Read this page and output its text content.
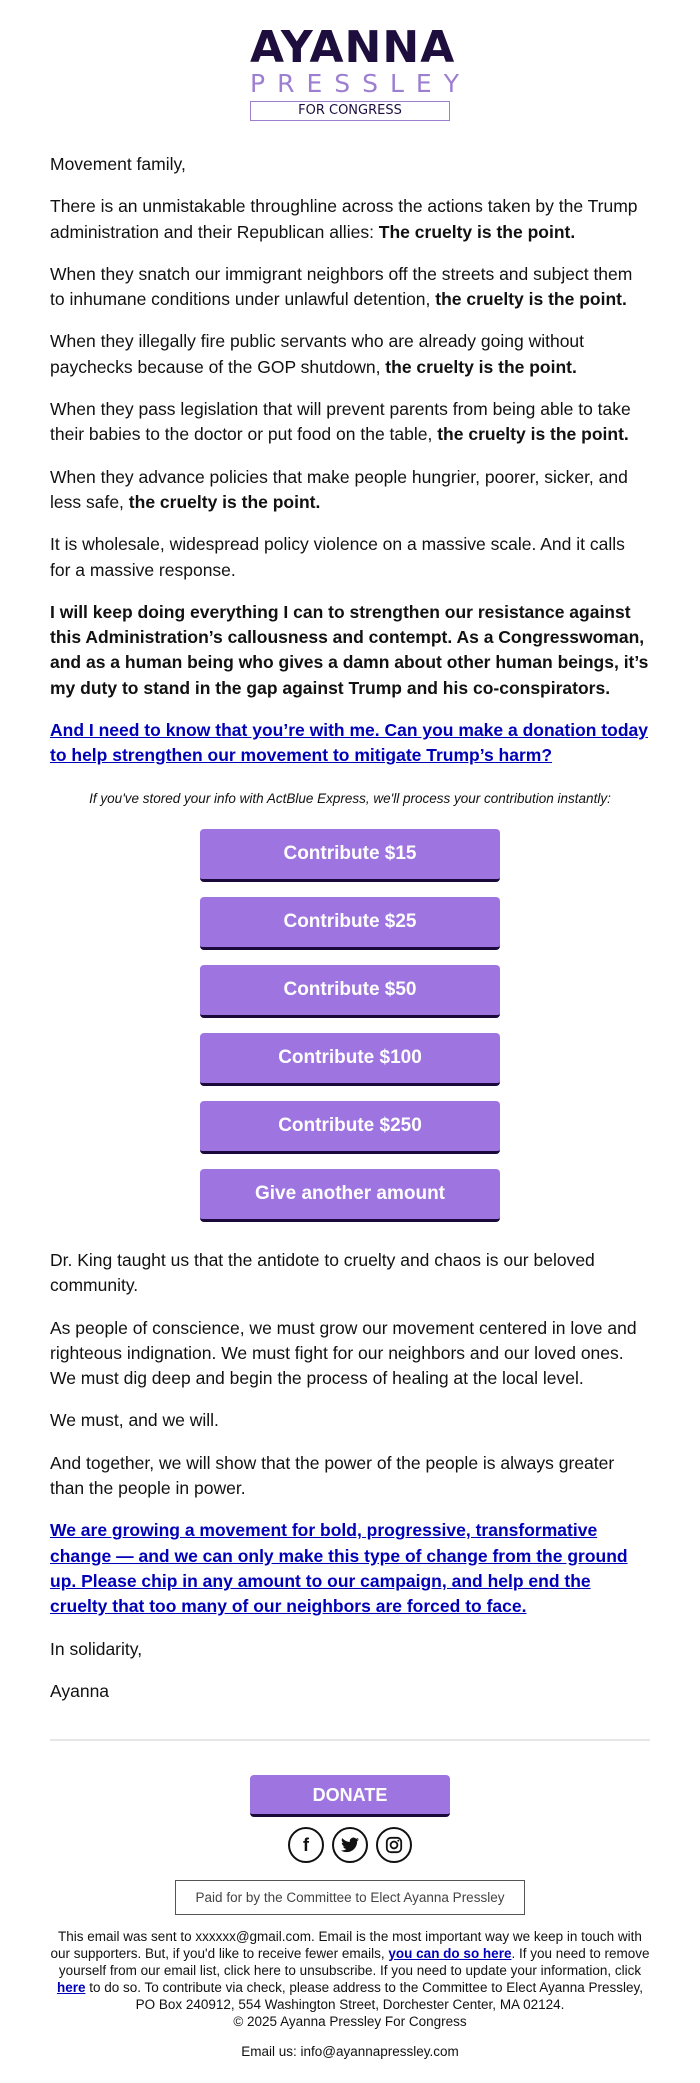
AYANNA
PRESSLEY
FOR CONGRESS

Movement family,

There is an unmistakable throughline across the actions taken by the Trump administration and their Republican allies: The cruelty is the point.

When they snatch our immigrant neighbors off the streets and subject them to inhumane conditions under unlawful detention, the cruelty is the point.

When they illegally fire public servants who are already going without paychecks because of the GOP shutdown, the cruelty is the point.

When they pass legislation that will prevent parents from being able to take their babies to the doctor or put food on the table, the cruelty is the point.

When they advance policies that make people hungrier, poorer, sicker, and less safe, the cruelty is the point.

It is wholesale, widespread policy violence on a massive scale. And it calls for a massive response.

I will keep doing everything I can to strengthen our resistance against this Administration’s callousness and contempt. As a Congresswoman, and as a human being who gives a damn about other human beings, it’s my duty to stand in the gap against Trump and his co-conspirators.

And I need to know that you’re with me. Can you make a donation today to help strengthen our movement to mitigate Trump’s harm?

If you've stored your info with ActBlue Express, we'll process your contribution instantly:

Contribute $15
Contribute $25
Contribute $50
Contribute $100
Contribute $250
Give another amount

Dr. King taught us that the antidote to cruelty and chaos is our beloved community.

As people of conscience, we must grow our movement centered in love and righteous indignation. We must fight for our neighbors and our loved ones. We must dig deep and begin the process of healing at the local level.

We must, and we will.

And together, we will show that the power of the people is always greater than the people in power.

We are growing a movement for bold, progressive, transformative change — and we can only make this type of change from the ground up. Please chip in any amount to our campaign, and help end the cruelty that too many of our neighbors are forced to face.

In solidarity,

Ayanna

DONATE
f
Paid for by the Committee to Elect Ayanna Pressley
This email was sent to xxxxxx@gmail.com. Email is the most important way we keep in touch with our supporters. But, if you'd like to receive fewer emails, you can do so here. If you need to remove yourself from our email list, click here to unsubscribe. If you need to update your information, click here to do so. To contribute via check, please address to the Committee to Elect Ayanna Pressley, PO Box 240912, 554 Washington Street, Dorchester Center, MA 02124.
© 2025 Ayanna Pressley For Congress
Email us: info@ayannapressley.com
